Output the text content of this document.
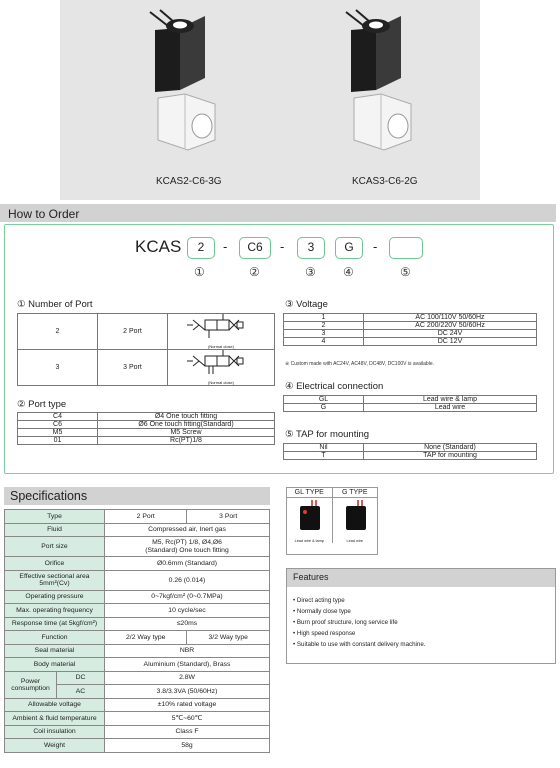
KCAS2-C6-3G	KCAS3-C6-2G
How to Order
KCAS	2	-	C6	-	3	G	-
①	②	③ ④	⑤
① Number of Port
2	2 Port	(Normal close)

3	3 Port	(Normal close)
② Port type
C4	Ø4 One touch fitting
C6	Ø6 One touch fitting(Standard)
M5	M5 Screw
01	Rc(PT)1/8
③ Voltage
1	AC 100/110V 50/60Hz
2	AC 200/220V 50/60Hz
3	DC 24V
4	DC 12V
※ Custom made with AC24V, AC48V, DC48V, DC100V is available.
④ Electrical connection
GL	Lead wire & lamp
G	Lead wire
⑤ TAP for mounting
Nil	None (Standard)
T	TAP for mounting
Specifications
Type		2 Port	3 Port
Fluid		Compressed air, Inert gas	
Port size		M5, Rc(PT) 1/8, Ø4,Ø6
(Standard) One touch fitting	

Orifice		Ø0.6mm (Standard)	

Effective sectional area
5mm²(Cv)		0.26 (0.014)	
Operating pressure		0~7kgf/cm² (0~0.7MPa)	
Max. operating frequency		10 cycle/sec	
Response time (at 5kgf/cm²)		≤20ms	
Function		2/2 Way type	3/2 Way type
Seal material		NBR	
Body material		Aluminium (Standard), Brass	
Power consumption	DC	2.8W	
	AC	3.8/3.3VA (50/60Hz)	
Allowable voltage		±10% rated voltage	
Ambient & fluid temperature		5℃~60℃	
Coil insulation		Class F	
Weight		58g	
GL TYPE	G TYPE
Lead wire & lamp	Lead wire
Features
• Direct acting type
• Normally close type
• Burn proof structure, long service life
• High speed response
• Suitable to use with constant delivery machine.
